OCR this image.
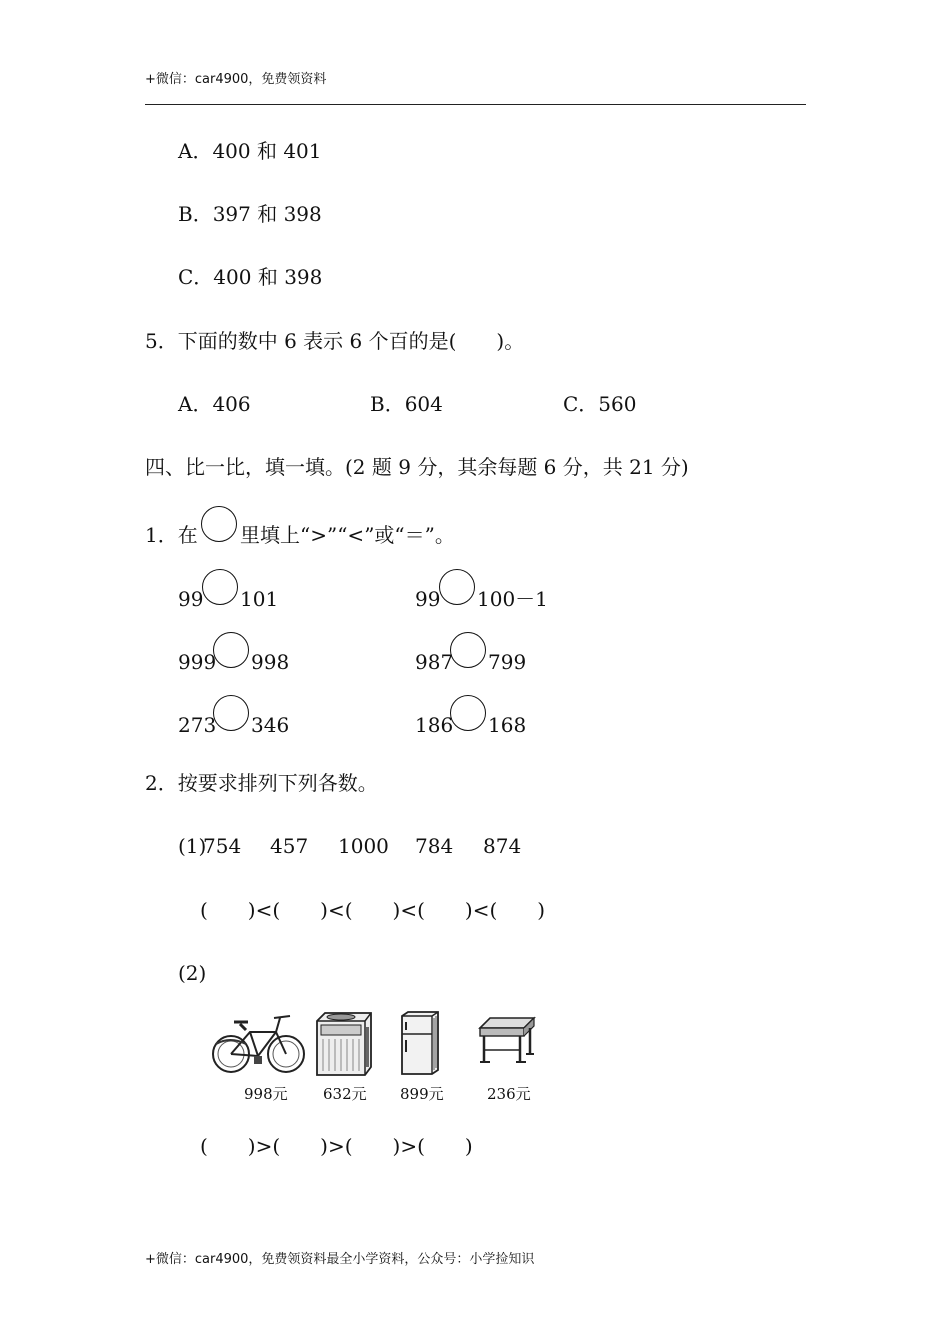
+微信：car4900，免费领资料
A．400 和 401
B．397 和 398
C．400 和 398
5．下面的数中 6 表示 6 个百的是(　　)。
A．406	B．604	C．560
四、比一比，填一填。(2 题 9 分，其余每题 6 分，共 21 分)
1．在 里填上“>”“<”或“＝”。
99 101	99 100－1
999 998	987 799
273 346	186 168
2．按要求排列下列各数。
(1)
754 457 1000 784 874
(　　)<(　　)<(　　)<(　　)<(　　)
(2)
998元 632元 899元	236元
(　　)>(　　)>(　　)>(　　)
+微信：car4900，免费领资料最全小学资料，公众号：小学捡知识
